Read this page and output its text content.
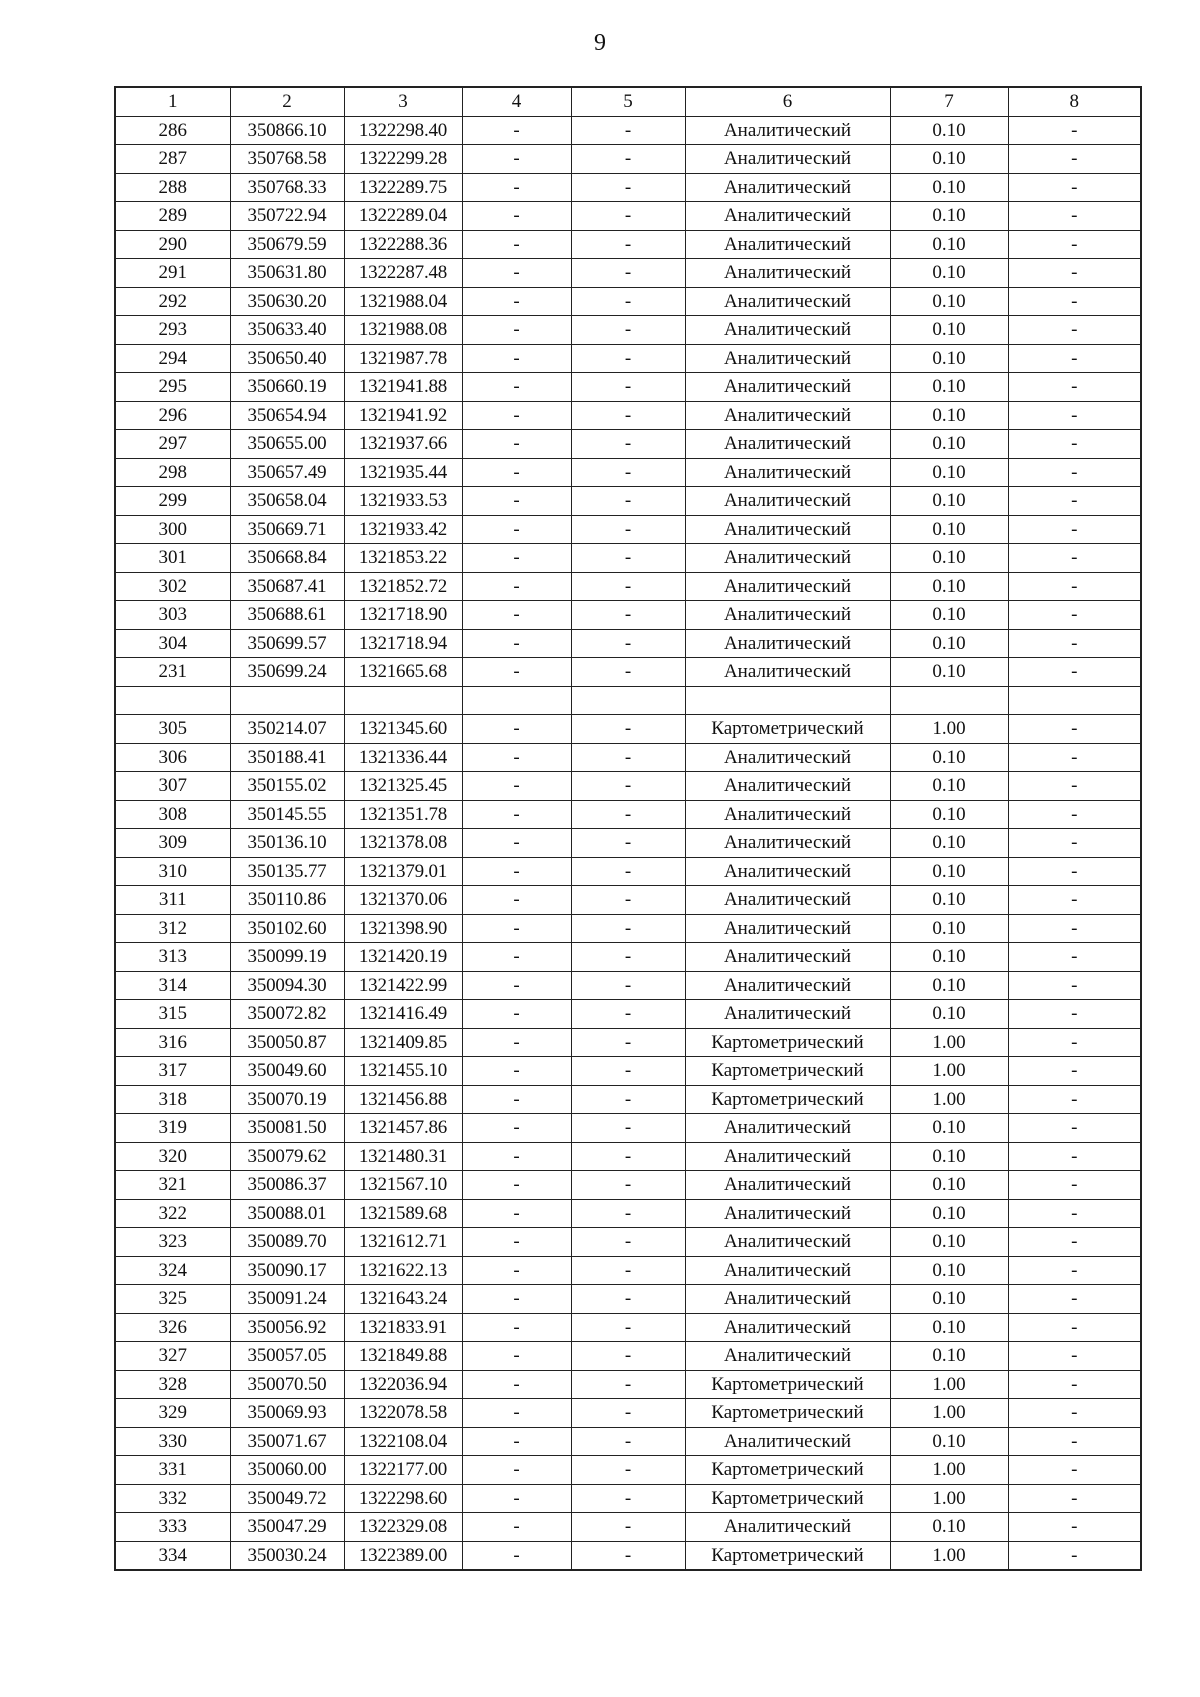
9
1	2	3	4	5	6	7	8
286	350866.10	1322298.40	-	-	Аналитический	0.10	-
287	350768.58	1322299.28	-	-	Аналитический	0.10	-
288	350768.33	1322289.75	-	-	Аналитический	0.10	-
289	350722.94	1322289.04	-	-	Аналитический	0.10	-
290	350679.59	1322288.36	-	-	Аналитический	0.10	-
291	350631.80	1322287.48	-	-	Аналитический	0.10	-
292	350630.20	1321988.04	-	-	Аналитический	0.10	-
293	350633.40	1321988.08	-	-	Аналитический	0.10	-
294	350650.40	1321987.78	-	-	Аналитический	0.10	-
295	350660.19	1321941.88	-	-	Аналитический	0.10	-
296	350654.94	1321941.92	-	-	Аналитический	0.10	-
297	350655.00	1321937.66	-	-	Аналитический	0.10	-
298	350657.49	1321935.44	-	-	Аналитический	0.10	-
299	350658.04	1321933.53	-	-	Аналитический	0.10	-
300	350669.71	1321933.42	-	-	Аналитический	0.10	-
301	350668.84	1321853.22	-	-	Аналитический	0.10	-
302	350687.41	1321852.72	-	-	Аналитический	0.10	-
303	350688.61	1321718.90	-	-	Аналитический	0.10	-
304	350699.57	1321718.94	-	-	Аналитический	0.10	-
231	350699.24	1321665.68	-	-	Аналитический	0.10	-

305	350214.07	1321345.60	-	-	Картометрический	1.00	-
306	350188.41	1321336.44	-	-	Аналитический	0.10	-
307	350155.02	1321325.45	-	-	Аналитический	0.10	-
308	350145.55	1321351.78	-	-	Аналитический	0.10	-
309	350136.10	1321378.08	-	-	Аналитический	0.10	-
310	350135.77	1321379.01	-	-	Аналитический	0.10	-
311	350110.86	1321370.06	-	-	Аналитический	0.10	-
312	350102.60	1321398.90	-	-	Аналитический	0.10	-
313	350099.19	1321420.19	-	-	Аналитический	0.10	-
314	350094.30	1321422.99	-	-	Аналитический	0.10	-
315	350072.82	1321416.49	-	-	Аналитический	0.10	-
316	350050.87	1321409.85	-	-	Картометрический	1.00	-
317	350049.60	1321455.10	-	-	Картометрический	1.00	-
318	350070.19	1321456.88	-	-	Картометрический	1.00	-
319	350081.50	1321457.86	-	-	Аналитический	0.10	-
320	350079.62	1321480.31	-	-	Аналитический	0.10	-
321	350086.37	1321567.10	-	-	Аналитический	0.10	-
322	350088.01	1321589.68	-	-	Аналитический	0.10	-
323	350089.70	1321612.71	-	-	Аналитический	0.10	-
324	350090.17	1321622.13	-	-	Аналитический	0.10	-
325	350091.24	1321643.24	-	-	Аналитический	0.10	-
326	350056.92	1321833.91	-	-	Аналитический	0.10	-
327	350057.05	1321849.88	-	-	Аналитический	0.10	-
328	350070.50	1322036.94	-	-	Картометрический	1.00	-
329	350069.93	1322078.58	-	-	Картометрический	1.00	-
330	350071.67	1322108.04	-	-	Аналитический	0.10	-
331	350060.00	1322177.00	-	-	Картометрический	1.00	-
332	350049.72	1322298.60	-	-	Картометрический	1.00	-
333	350047.29	1322329.08	-	-	Аналитический	0.10	-
334	350030.24	1322389.00	-	-	Картометрический	1.00	-
